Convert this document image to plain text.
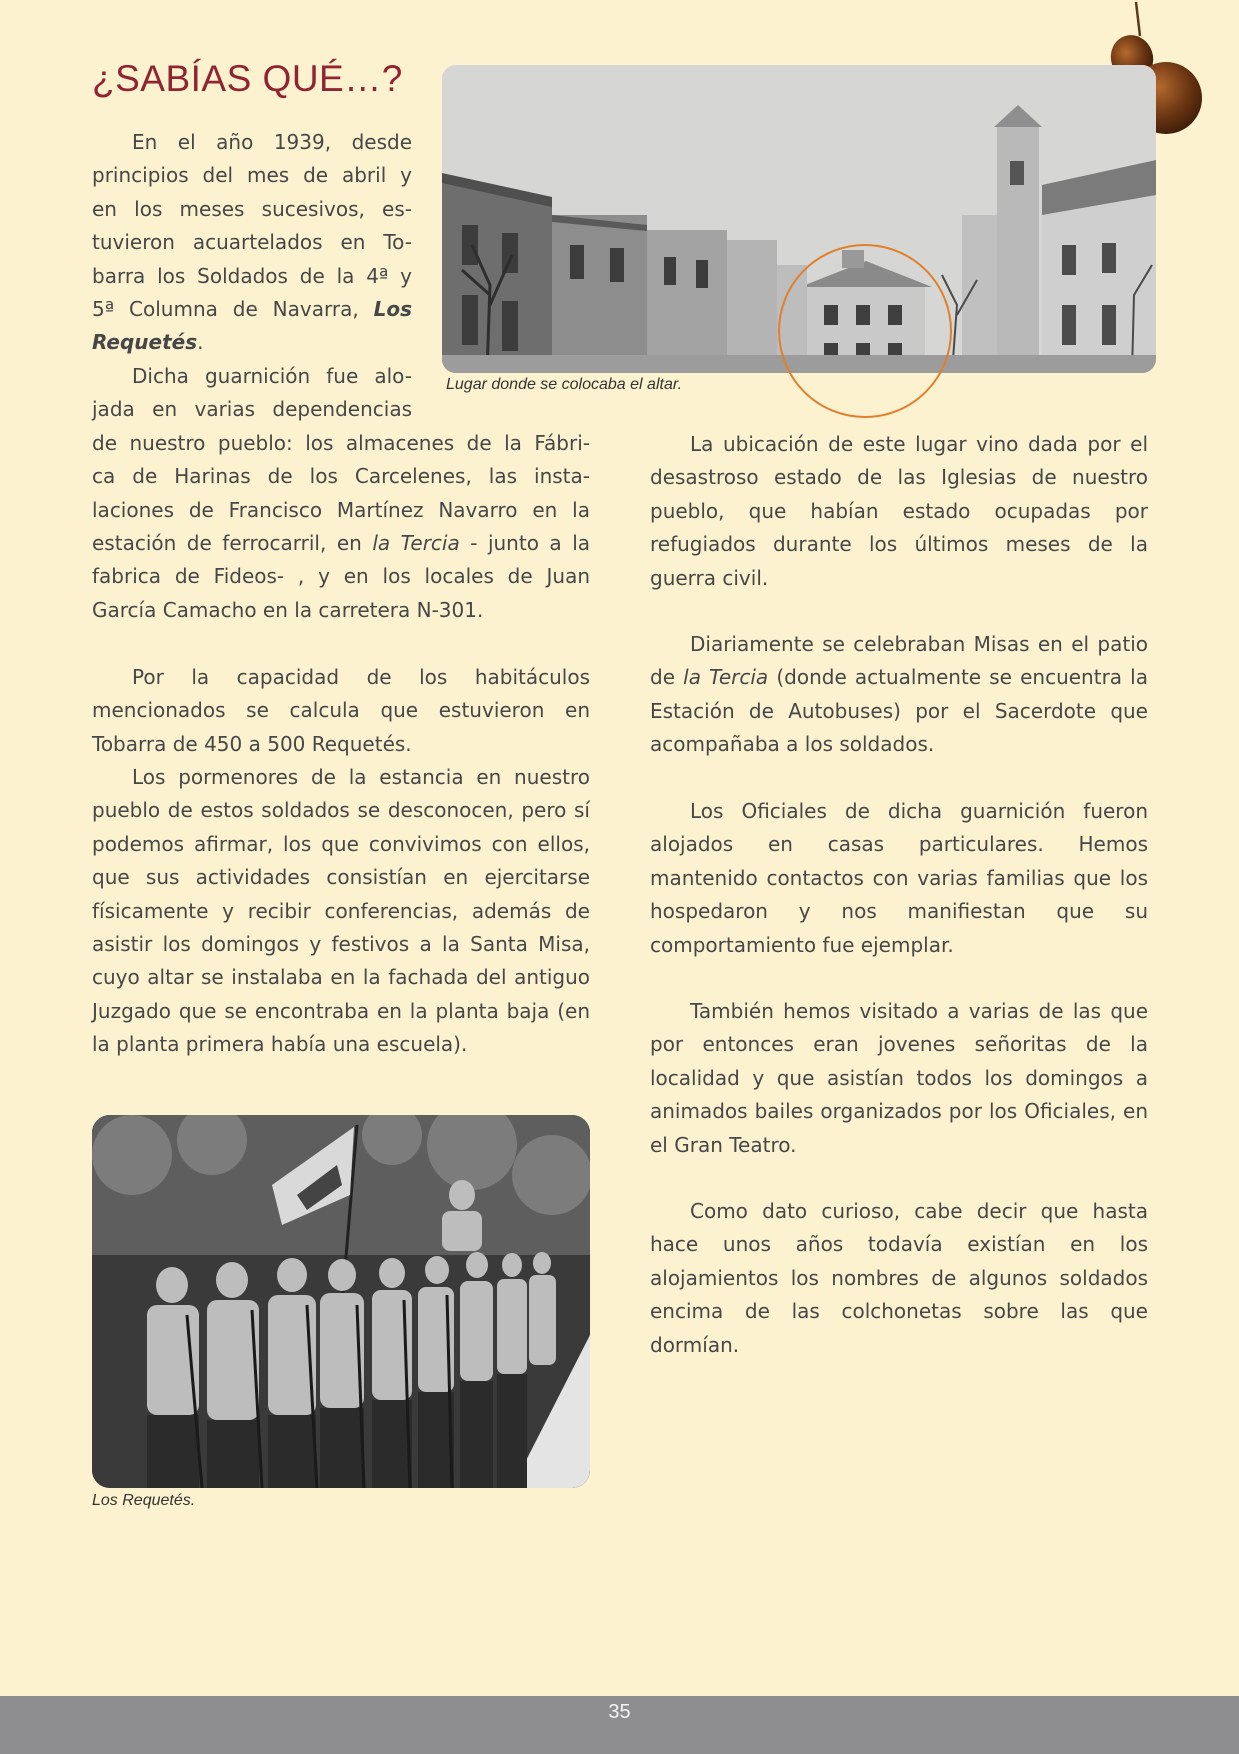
¿SABÍAS QUÉ…?

Lugar donde se colocaba el altar.

En el año 1939, desde
principios del mes de abril y
en los meses sucesivos, es-
tuvieron acuartelados en To-
barra los Soldados de la 4ª y
5ª Columna de Navarra, Los
Requetés.
Dicha guarnición fue alo-
jada en varias dependencias
de nuestro pueblo: los almacenes de la Fábri-
ca de Harinas de los Carcelenes, las insta-
laciones de Francisco Martínez Navarro en la
estación de ferrocarril, en la Tercia - junto a la
fabrica de Fideos- , y en los locales de Juan
García Camacho en la carretera N-301.
Por la capacidad de los habitáculos mencionados se calcula que estuvieron en Tobarra de 450 a 500 Requetés.
Los pormenores de la estancia en nuestro pueblo de estos soldados se desconocen, pero sí podemos afirmar, los que convivimos con ellos, que sus actividades consistían en ejercitarse físicamente y recibir conferencias, además de asistir los domingos y festivos a la Santa Misa, cuyo altar se instalaba en la fachada del antiguo Juzgado que se encontraba en la planta baja (en la planta primera había una escuela).

Los Requetés.

La ubicación de este lugar vino dada por el desastroso estado de las Iglesias de nuestro pueblo, que habían estado ocupadas por refugiados durante los últimos meses de la guerra civil.
Diariamente se celebraban Misas en el patio de la Tercia (donde actualmente se encuentra la Estación de Autobuses) por el Sacerdote que acompañaba a los soldados.
Los Oficiales de dicha guarnición fueron alojados en casas particulares. Hemos mantenido contactos con varias familias que los hospedaron y nos manifiestan que su comportamiento fue ejemplar.
También hemos visitado a varias de las que por entonces eran jovenes señoritas de la localidad y que asistían todos los domingos a animados bailes organizados por los Oficiales, en el Gran Teatro.
Como dato curioso, cabe decir que hasta hace unos años todavía existían en los alojamientos los nombres de algunos soldados encima de las colchonetas sobre las que dormían.
35
